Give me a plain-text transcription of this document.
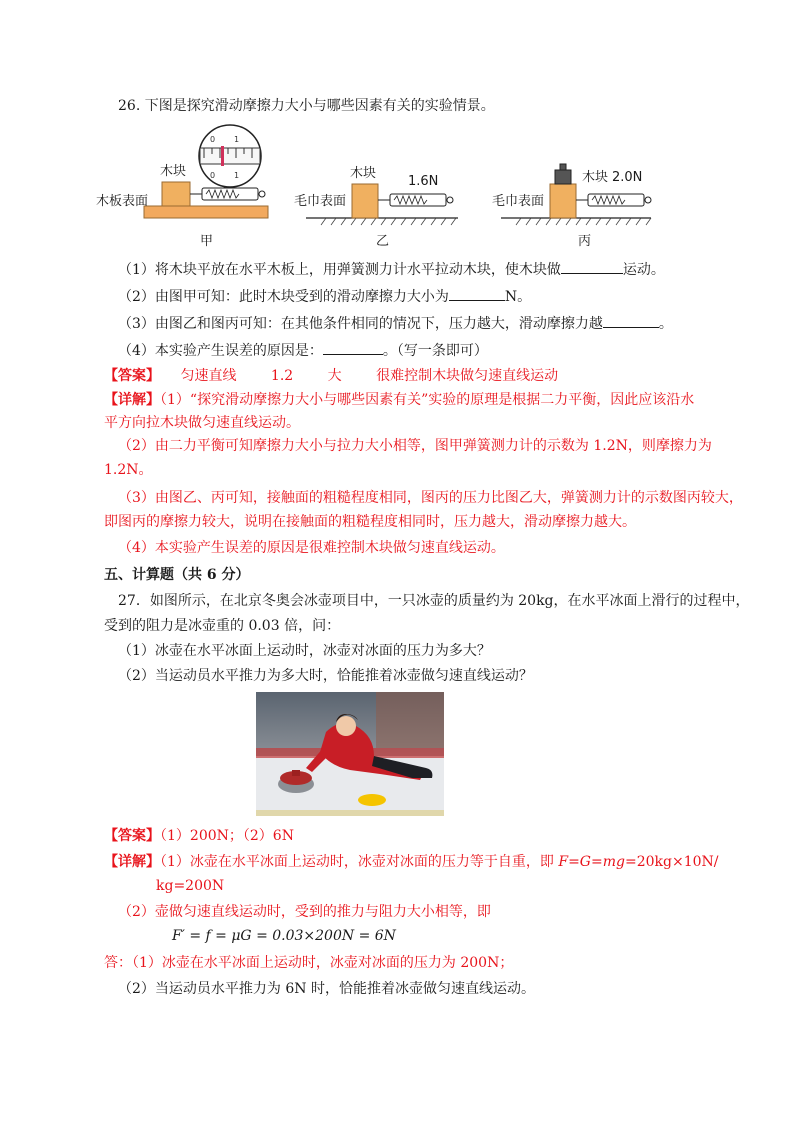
26. 下图是探究滑动摩擦力大小与哪些因素有关的实验情景。
0 1
0 1
木块
木板表面
甲
木块
1.6N
毛巾表面
乙
木块 2.0N
毛巾表面
丙
（1）将木块平放在水平木板上，用弹簧测力计水平拉动木块，使木块做	运动。
（2）由图甲可知：此时木块受到的滑动摩擦力大小为	N。
（3）由图乙和图丙可知：在其他条件相同的情况下，压力越大，滑动摩擦力越	。
（4）本实验产生误差的原因是：	。（写一条即可）
【答案】 匀速直线 1.2 大 很难控制木块做匀速直线运动
【详解】（1）“探究滑动摩擦力大小与哪些因素有关”实验的原理是根据二力平衡，因此应该沿水
平方向拉木块做匀速直线运动。
（2）由二力平衡可知摩擦力大小与拉力大小相等，图甲弹簧测力计的示数为 1.2N，则摩擦力为
1.2N。
（3）由图乙、丙可知，接触面的粗糙程度相同，图丙的压力比图乙大，弹簧测力计的示数图丙较大，
即图丙的摩擦力较大，说明在接触面的粗糙程度相同时，压力越大，滑动摩擦力越大。
（4）本实验产生误差的原因是很难控制木块做匀速直线运动。
五、计算题（共 6 分）
27．如图所示，在北京冬奥会冰壶项目中，一只冰壶的质量约为 20kg，在水平冰面上滑行的过程中，
受到的阻力是冰壶重的 0.03 倍，问：
（1）冰壶在水平冰面上运动时，冰壶对冰面的压力为多大？
（2）当运动员水平推力为多大时，恰能推着冰壶做匀速直线运动？
【答案】（1）200N；（2）6N
【详解】（1）冰壶在水平冰面上运动时，冰壶对冰面的压力等于自重，即 F=G=mg=20kg×10N/
kg=200N
（2）壶做匀速直线运动时，受到的推力与阻力大小相等，即
F′ = f = μG = 0.03×200N = 6N
答：（1）冰壶在水平冰面上运动时，冰壶对冰面的压力为 200N；
（2）当运动员水平推力为 6N 时，恰能推着冰壶做匀速直线运动。
